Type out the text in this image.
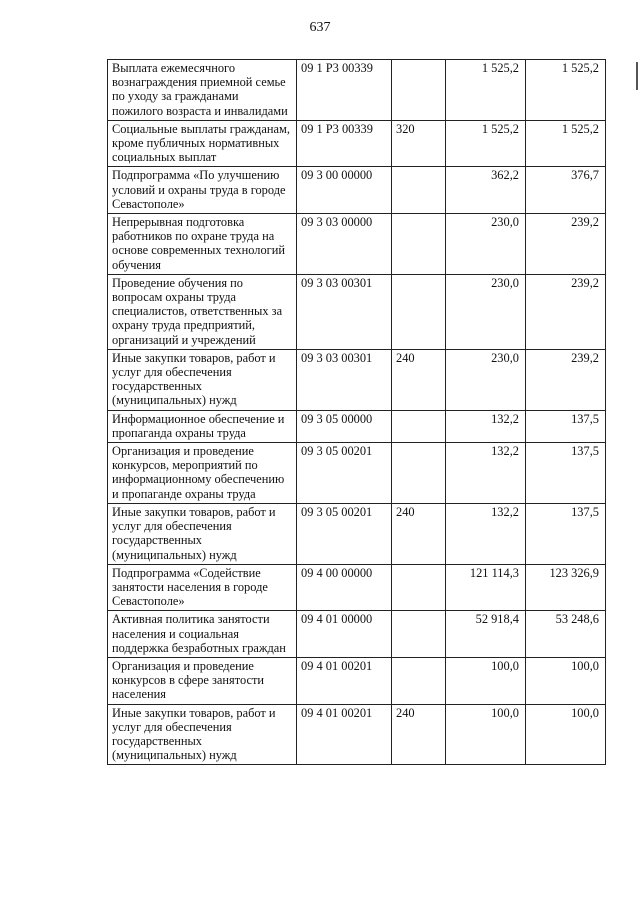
637
Выплата ежемесячного вознаграждения приемной семье по уходу за гражданами пожилого возраста и инвалидами	09 1 Р3 00339		1 525,2	1 525,2
Социальные выплаты гражданам, кроме публичных нормативных социальных выплат	09 1 Р3 00339	320	1 525,2	1 525,2
Подпрограмма «По улучшению условий и охраны труда в городе Севастополе»	09 3 00 00000		362,2	376,7
Непрерывная подготовка работников по охране труда на основе современных технологий обучения	09 3 03 00000		230,0	239,2
Проведение обучения по вопросам охраны труда специалистов, ответственных за охрану труда предприятий, организаций и учреждений	09 3 03 00301		230,0	239,2
Иные закупки товаров, работ и услуг для обеспечения государственных (муниципальных) нужд	09 3 03 00301	240	230,0	239,2
Информационное обеспечение и пропаганда охраны труда	09 3 05 00000		132,2	137,5
Организация и проведение конкурсов, мероприятий по информационному обеспечению и пропаганде охраны труда	09 3 05 00201		132,2	137,5
Иные закупки товаров, работ и услуг для обеспечения государственных (муниципальных) нужд	09 3 05 00201	240	132,2	137,5
Подпрограмма «Содействие занятости населения в городе Севастополе»	09 4 00 00000		121 114,3	123 326,9
Активная политика занятости населения и социальная поддержка безработных граждан	09 4 01 00000		52 918,4	53 248,6
Организация и проведение конкурсов в сфере занятости населения	09 4 01 00201		100,0	100,0
Иные закупки товаров, работ и услуг для обеспечения государственных (муниципальных) нужд	09 4 01 00201	240	100,0	100,0
